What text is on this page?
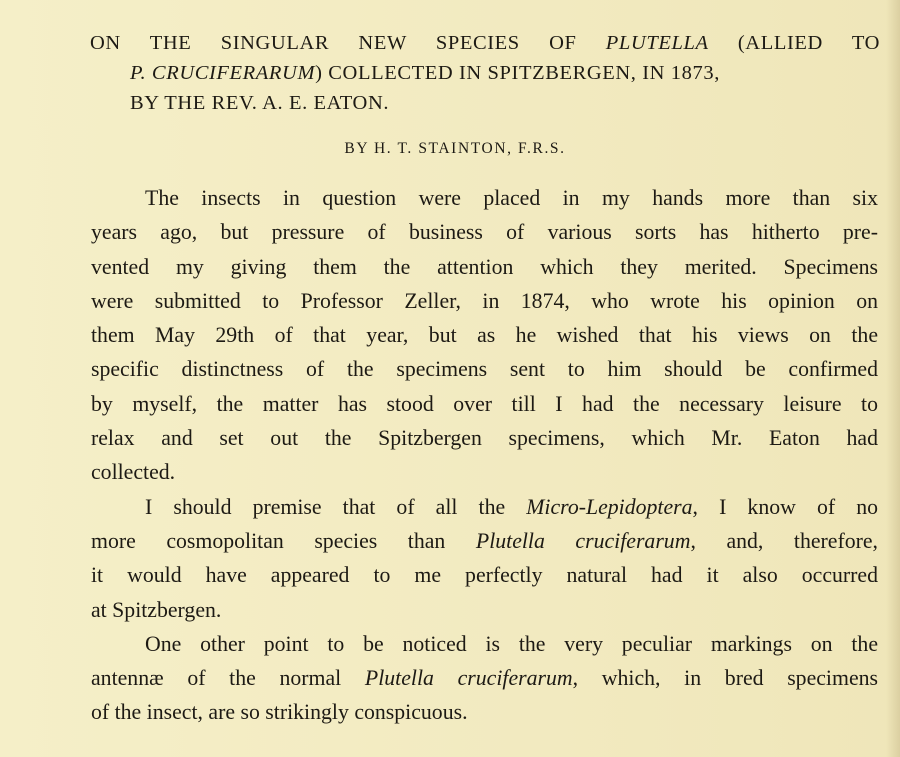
ON THE SINGULAR NEW SPECIES OF PLUTELLA (ALLIED TO
P. CRUCIFERARUM) COLLECTED IN SPITZBERGEN, IN 1873,
BY THE REV. A. E. EATON.
BY H. T. STAINTON, F.R.S.
The insects in question were placed in my hands more than six
years ago, but pressure of business of various sorts has hitherto pre-
vented my giving them the attention which they merited. Specimens
were submitted to Professor Zeller, in 1874, who wrote his opinion on
them May 29th of that year, but as he wished that his views on the
specific distinctness of the specimens sent to him should be confirmed
by myself, the matter has stood over till I had the necessary leisure to
relax and set out the Spitzbergen specimens, which Mr. Eaton had
collected.
I should premise that of all the Micro-Lepidoptera, I know of no
more cosmopolitan species than Plutella cruciferarum, and, therefore,
it would have appeared to me perfectly natural had it also occurred
at Spitzbergen.
One other point to be noticed is the very peculiar markings on the
antennæ of the normal Plutella cruciferarum, which, in bred specimens
of the insect, are so strikingly conspicuous.
